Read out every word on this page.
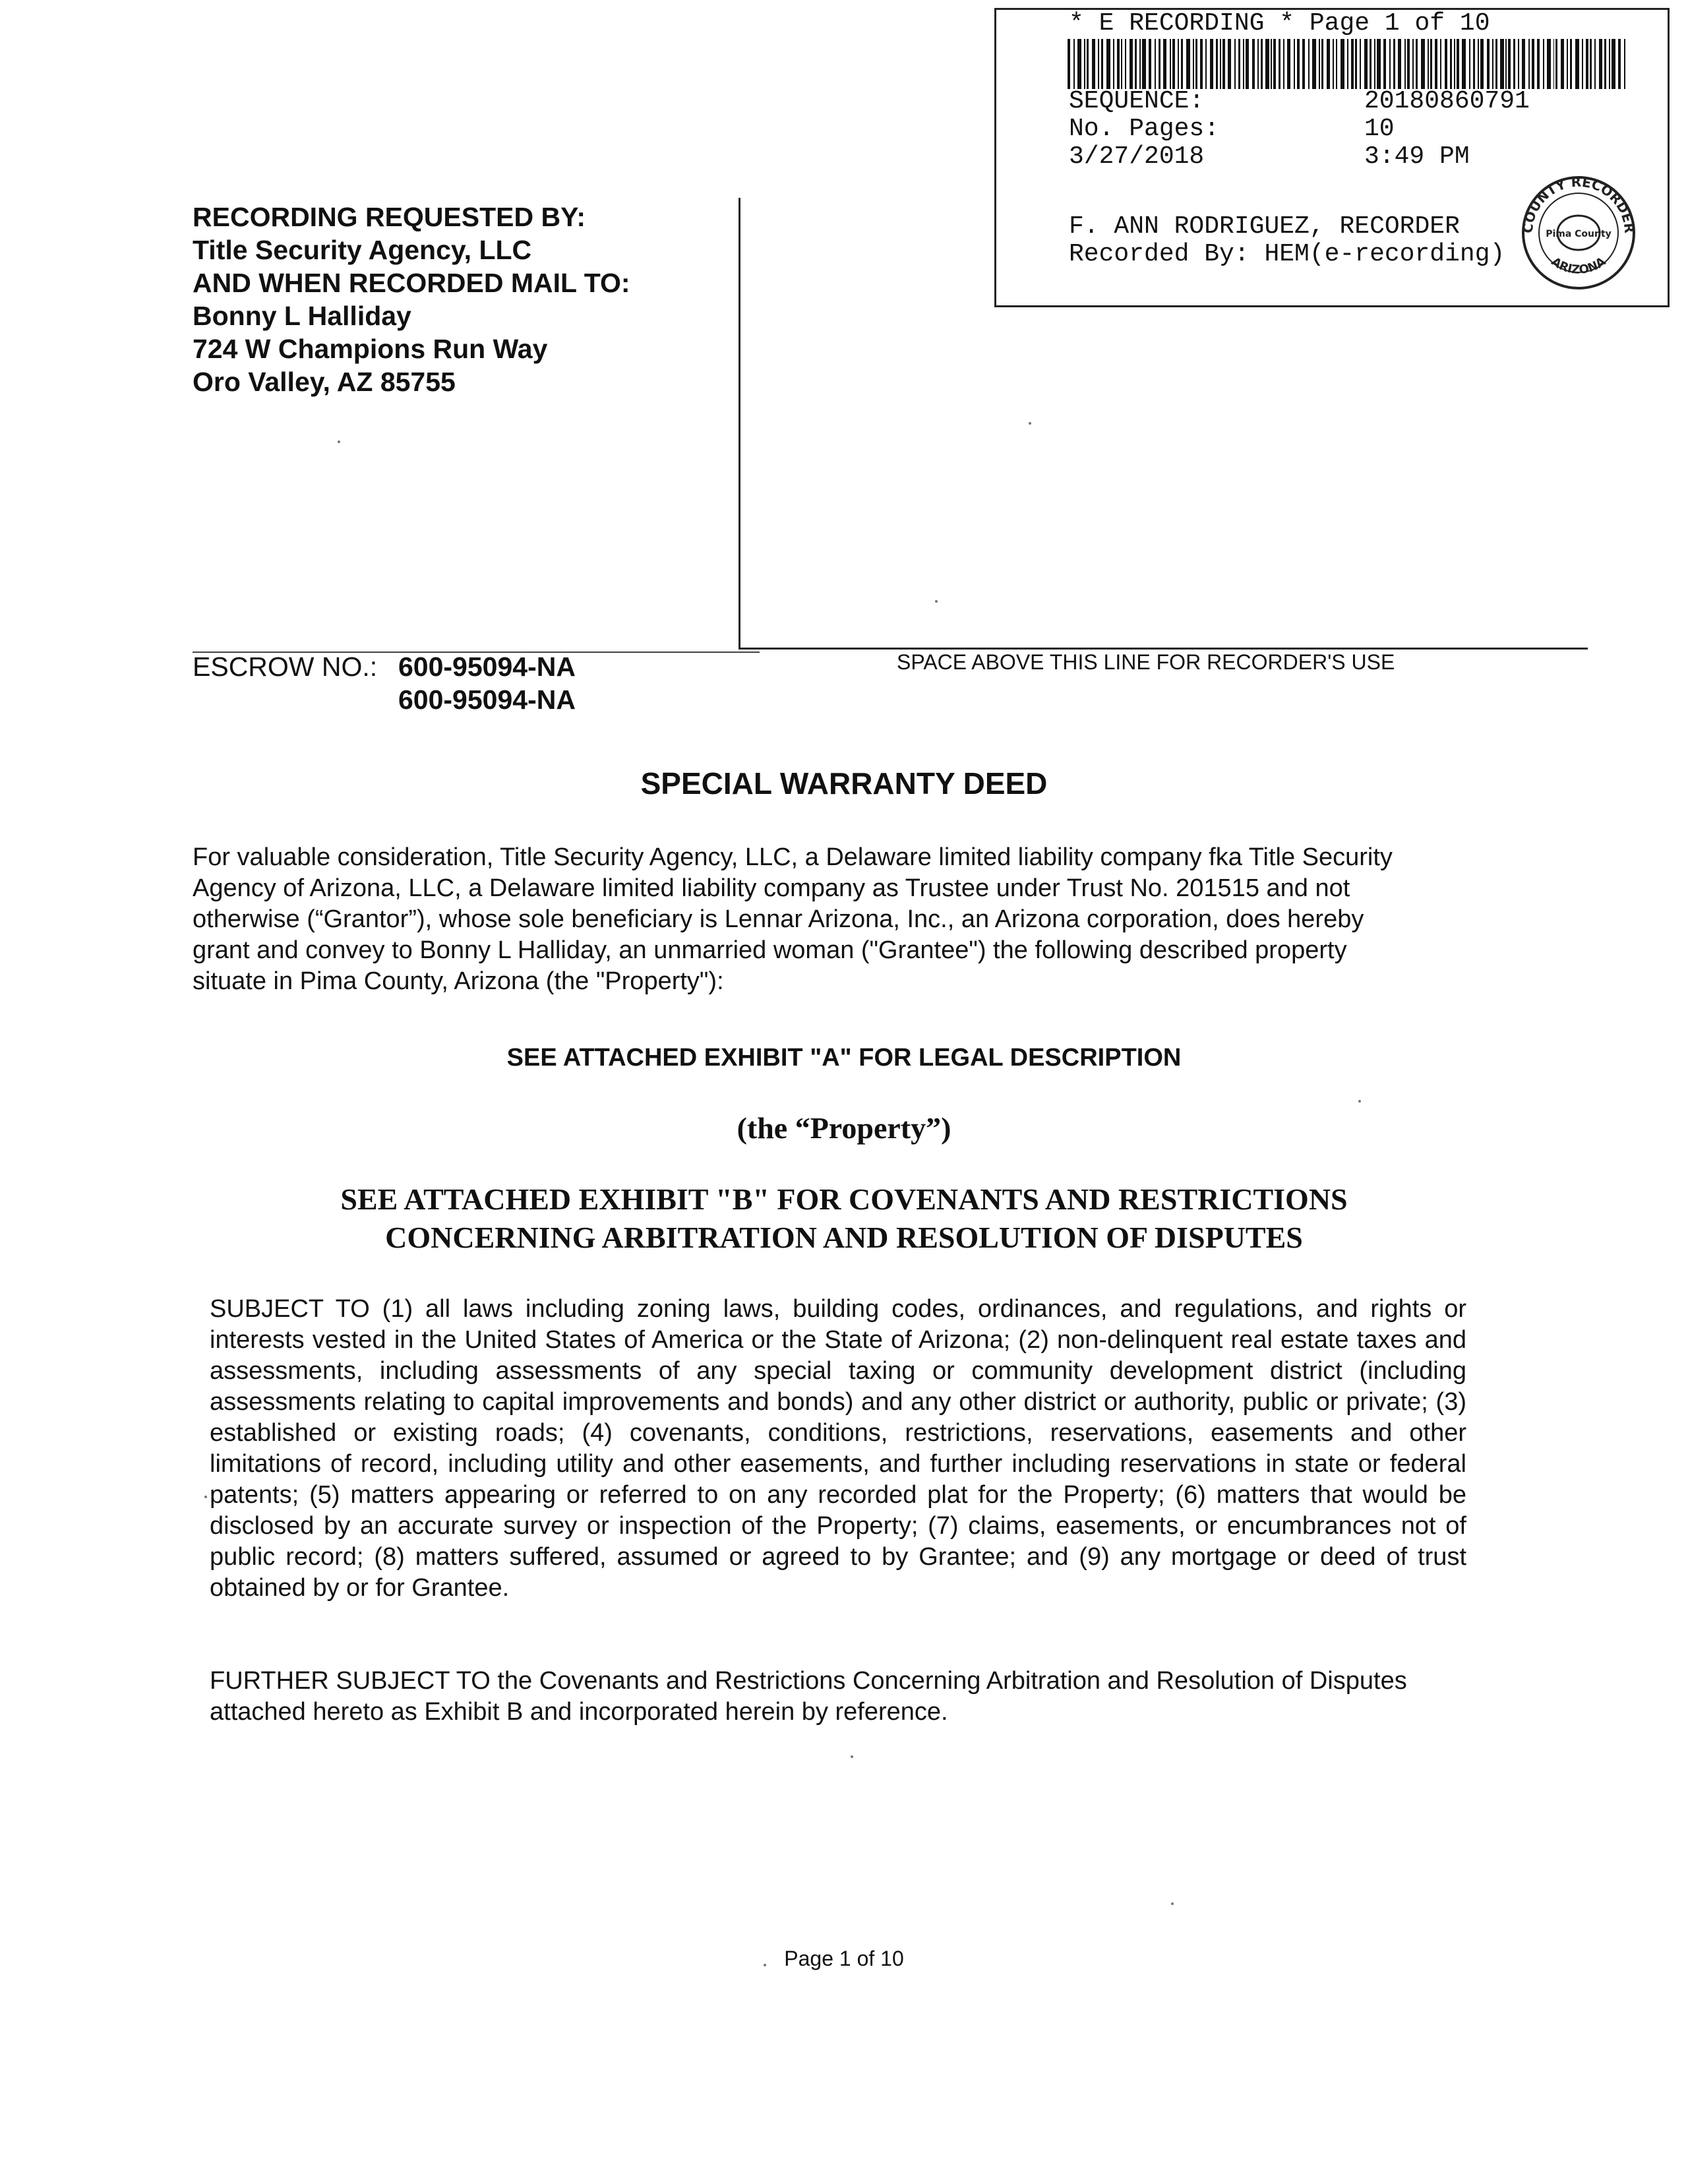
* E RECORDING * Page 1 of 10
SEQUENCE:	20180860791
No. Pages:	10
3/27/2018	3:49 PM
F. ANN RODRIGUEZ, RECORDER
Recorded By: HEM(e-recording)
COUNTY RECORDER
ARIZONA
Pima County
RECORDING REQUESTED BY:
Title Security Agency, LLC
AND WHEN RECORDED MAIL TO:
Bonny L Halliday
724 W Champions Run Way
Oro Valley, AZ 85755
ESCROW NO.: 600-95094-NA
600-95094-NA
SPACE ABOVE THIS LINE FOR RECORDER'S USE
SPECIAL WARRANTY DEED
For valuable consideration, Title Security Agency, LLC, a Delaware limited liability company fka Title Security Agency of Arizona, LLC, a Delaware limited liability company as Trustee under Trust No. 201515 and not otherwise (“Grantor”), whose sole beneficiary is Lennar Arizona, Inc., an Arizona corporation, does hereby grant and convey to Bonny L Halliday, an unmarried woman ("Grantee") the following described property situate in Pima County, Arizona (the "Property"):
SEE ATTACHED EXHIBIT "A" FOR LEGAL DESCRIPTION
(the “Property”)
SEE ATTACHED EXHIBIT "B" FOR COVENANTS AND RESTRICTIONS
CONCERNING ARBITRATION AND RESOLUTION OF DISPUTES
SUBJECT TO (1) all laws including zoning laws, building codes, ordinances, and regulations, and rights or interests vested in the United States of America or the State of Arizona; (2) non-delinquent real estate taxes and assessments, including assessments of any special taxing or community development district (including assessments relating to capital improvements and bonds) and any other district or authority, public or private; (3) established or existing roads; (4) covenants, conditions, restrictions, reservations, easements and other limitations of record, including utility and other easements, and further including reservations in state or federal patents; (5) matters appearing or referred to on any recorded plat for the Property; (6) matters that would be disclosed by an accurate survey or inspection of the Property; (7) claims, easements, or encumbrances not of public record; (8) matters suffered, assumed or agreed to by Grantee; and (9) any mortgage or deed of trust obtained by or for Grantee.
FURTHER SUBJECT TO the Covenants and Restrictions Concerning Arbitration and Resolution of Disputes attached hereto as Exhibit B and incorporated herein by reference.
Page 1 of 10
